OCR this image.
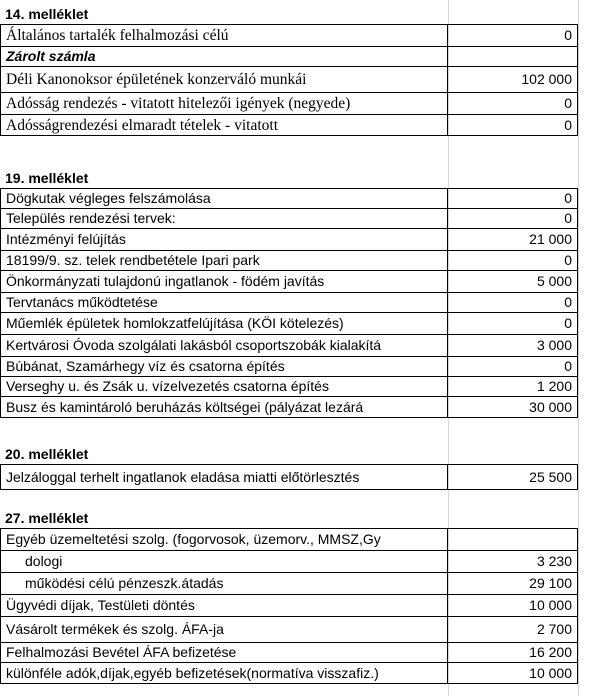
14. melléklet
Általános tartalék felhalmozási célú	0
Zárolt számla
Déli Kanonoksor épületének konzerváló munkái	102 000
Adósság rendezés - vitatott hitelezői igények (negyede)	0
Adósságrendezési elmaradt tételek - vitatott	0
19. melléklet
Dögkutak végleges felszámolása	0
Település rendezési tervek:	0
Intézményi felújítás	21 000
18199/9. sz. telek rendbetétele Ipari park	0
Önkormányzati tulajdonú ingatlanok - födém javítás	5 000
Tervtanács működtetése	0
Műemlék épületek homlokzatfelújítása (KÖI kötelezés)	0
Kertvárosi Óvoda szolgálati lakásból csoportszobák kialakítá	3 000
Búbánat, Szamárhegy víz és csatorna építés	0
Verseghy u. és Zsák u. vízelvezetés csatorna építés	1 200
Busz és kamintároló beruházás költségei (pályázat lezárá	30 000
20. melléklet
Jelzáloggal terhelt ingatlanok eladása miatti előtörlesztés	25 500
27. melléklet
Egyéb üzemeltetési szolg. (fogorvosok, üzemorv., MMSZ,Gy
dologi	3 230
működési célú pénzeszk.átadás	29 100
Ügyvédi díjak, Testületi döntés	10 000
Vásárolt termékek és szolg. ÁFA-ja	2 700
Felhalmozási Bevétel ÁFA befizetése	16 200
különféle adók,díjak,egyéb befizetések(normatíva visszafiz.)	10 000
